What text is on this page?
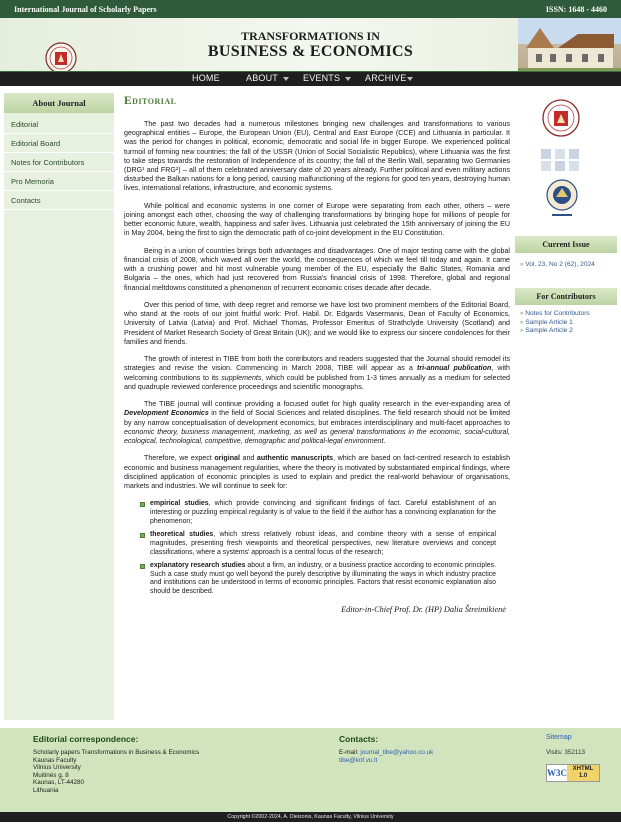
International Journal of Scholarly Papers	ISSN: 1648 - 4460
TRANSFORMATIONS IN
BUSINESS & ECONOMICS
HOME	ABOUT	EVENTS	ARCHIVE
About Journal
Editorial
Editorial Board
Notes for Contributors
Pro Memoria
Contacts
Editorial

The past two decades had a numerous milestones bringing new challenges and transformations to various geographical entities – Europe, the European Union (EU), Central and East Europe (CCE) and Lithuania in particular. It was the period for changes in political, economic, democratic and social life in bigger Europe. We experienced political turmoil of forming new countries: the fall of the USSR (Union of Social Socialistic Republics), where Lithuania was the first to take steps towards the restoration of Independence of its country; the fall of the Berlin Wall, separating two Germanies (DRG¹ and FRG²) – all of them celebrated anniversary date of 20 years already. Further political and even military actions disturbed the Balkan nations for a long period, causing malfunctioning of the regions for good ten years, destroying human lives, international relations, infrastructure, and economic systems.

While political and economic systems in one corner of Europe were separating from each other, others – were joining amongst each other, choosing the way of challenging transformations by bringing hope for millions of people for better economic future, wealth, happiness and safer lives. Lithuania just celebrated the 15th anniversary of joining the EU in May 2004, being the first to sign the democratic path of co-joint development in the EU Constitution.

Being in a union of countries brings both advantages and disadvantages. One of major testing came with the global financial crisis of 2008, which waved all over the world, the consequences of which we feel till today and again. It came with a crushing power and hit most vulnerable young member of the EU, especially the Baltic States, Romania and Bulgaria – the ones, which had just recovered from Russia's financial crisis of 1998. Therefore, global and regional financial meltdowns constituted a phenomenon of recurrent economic crises decade after decade.

Over this period of time, with deep regret and remorse we have lost two prominent members of the Editorial Board, who stand at the roots of our joint fruitful work: Prof. Habil. Dr. Edgards Vasermanis, Dean of Faculty of Economics, University of Latvia (Latvia) and Prof. Michael Thomas, Professor Emeritus of Strathclyde University (Scotland) and President of Market Research Society of Great Britain (UK); and we would like to express our sincere condolences for their families and friends.

The growth of interest in TIBE from both the contributors and readers suggested that the Journal should remodel its strategies and revise the vision. Commencing in March 2008, TIBE will appear as a tri-annual publication, with welcoming contributions to its supplements, which could be published from 1-3 times annually as a medium for selected and quadruple reviewed conference proceedings and scientific monographs.

The TIBE journal will continue providing a focused outlet for high quality research in the ever-expanding area of Development Economics in the field of Social Sciences and related disciplines. The field research should not be limited by any narrow conceptualisation of development economics, but embraces interdisciplinary and multi-facet approaches to economic theory, business management, marketing, as well as general transformations in the economic, social-cultural, ecological, technological, competitive, demographic and political-legal environment.

Therefore, we expect original and authentic manuscripts, which are based on fact-centred research to establish economic and business management regularities, where the theory is motivated by substantiated empirical findings, where disciplined application of economic principles is used to explain and predict the real-world behaviour of organisations, markets and industries. We will continue to seek for:

empirical studies, which provide convincing and significant findings of fact. Careful establishment of an interesting or puzzling empirical regularity is of value to the field if the author has a convincing explanation for the phenomenon;
theoretical studies, which stress relatively robust ideas, and combine theory with a sense of empirical magnitudes, presenting fresh viewpoints and theoretical perspectives, new literature overviews and concept classifications, where a systems' approach is a central focus of the research;
explanatory research studies about a firm, an industry, or a business practice according to economic principles. Such a case study must go well beyond the purely descriptive by illuminating the ways in which industry practice and institutions can be understood in terms of economic principles. Factors that resist economic explanation also should be described.
Editor-in-Chief Prof. Dr. (HP) Dalia Štreimikienė
Current Issue
» Vol. 23, No 2 (62), 2024
For Contributors
» Notes for Contributors
» Sample Article 1
» Sample Article 2
Editorial correspondence:
Scholarly papers Transformations in Business & Economics
Kaunas Faculty
Vilnius University
Muitinės g. 8
Kaunas, LT-44280
Lithuania
Contacts:
E-mail: journal_tibe@yahoo.co.uk
tibe@knf.vu.lt
Sitemap
Visits: 352113
W3C XHTML
1.0
Copyright ©2002-2024, A. Dieizonis, Kaunas Faculty, Vilnius University
